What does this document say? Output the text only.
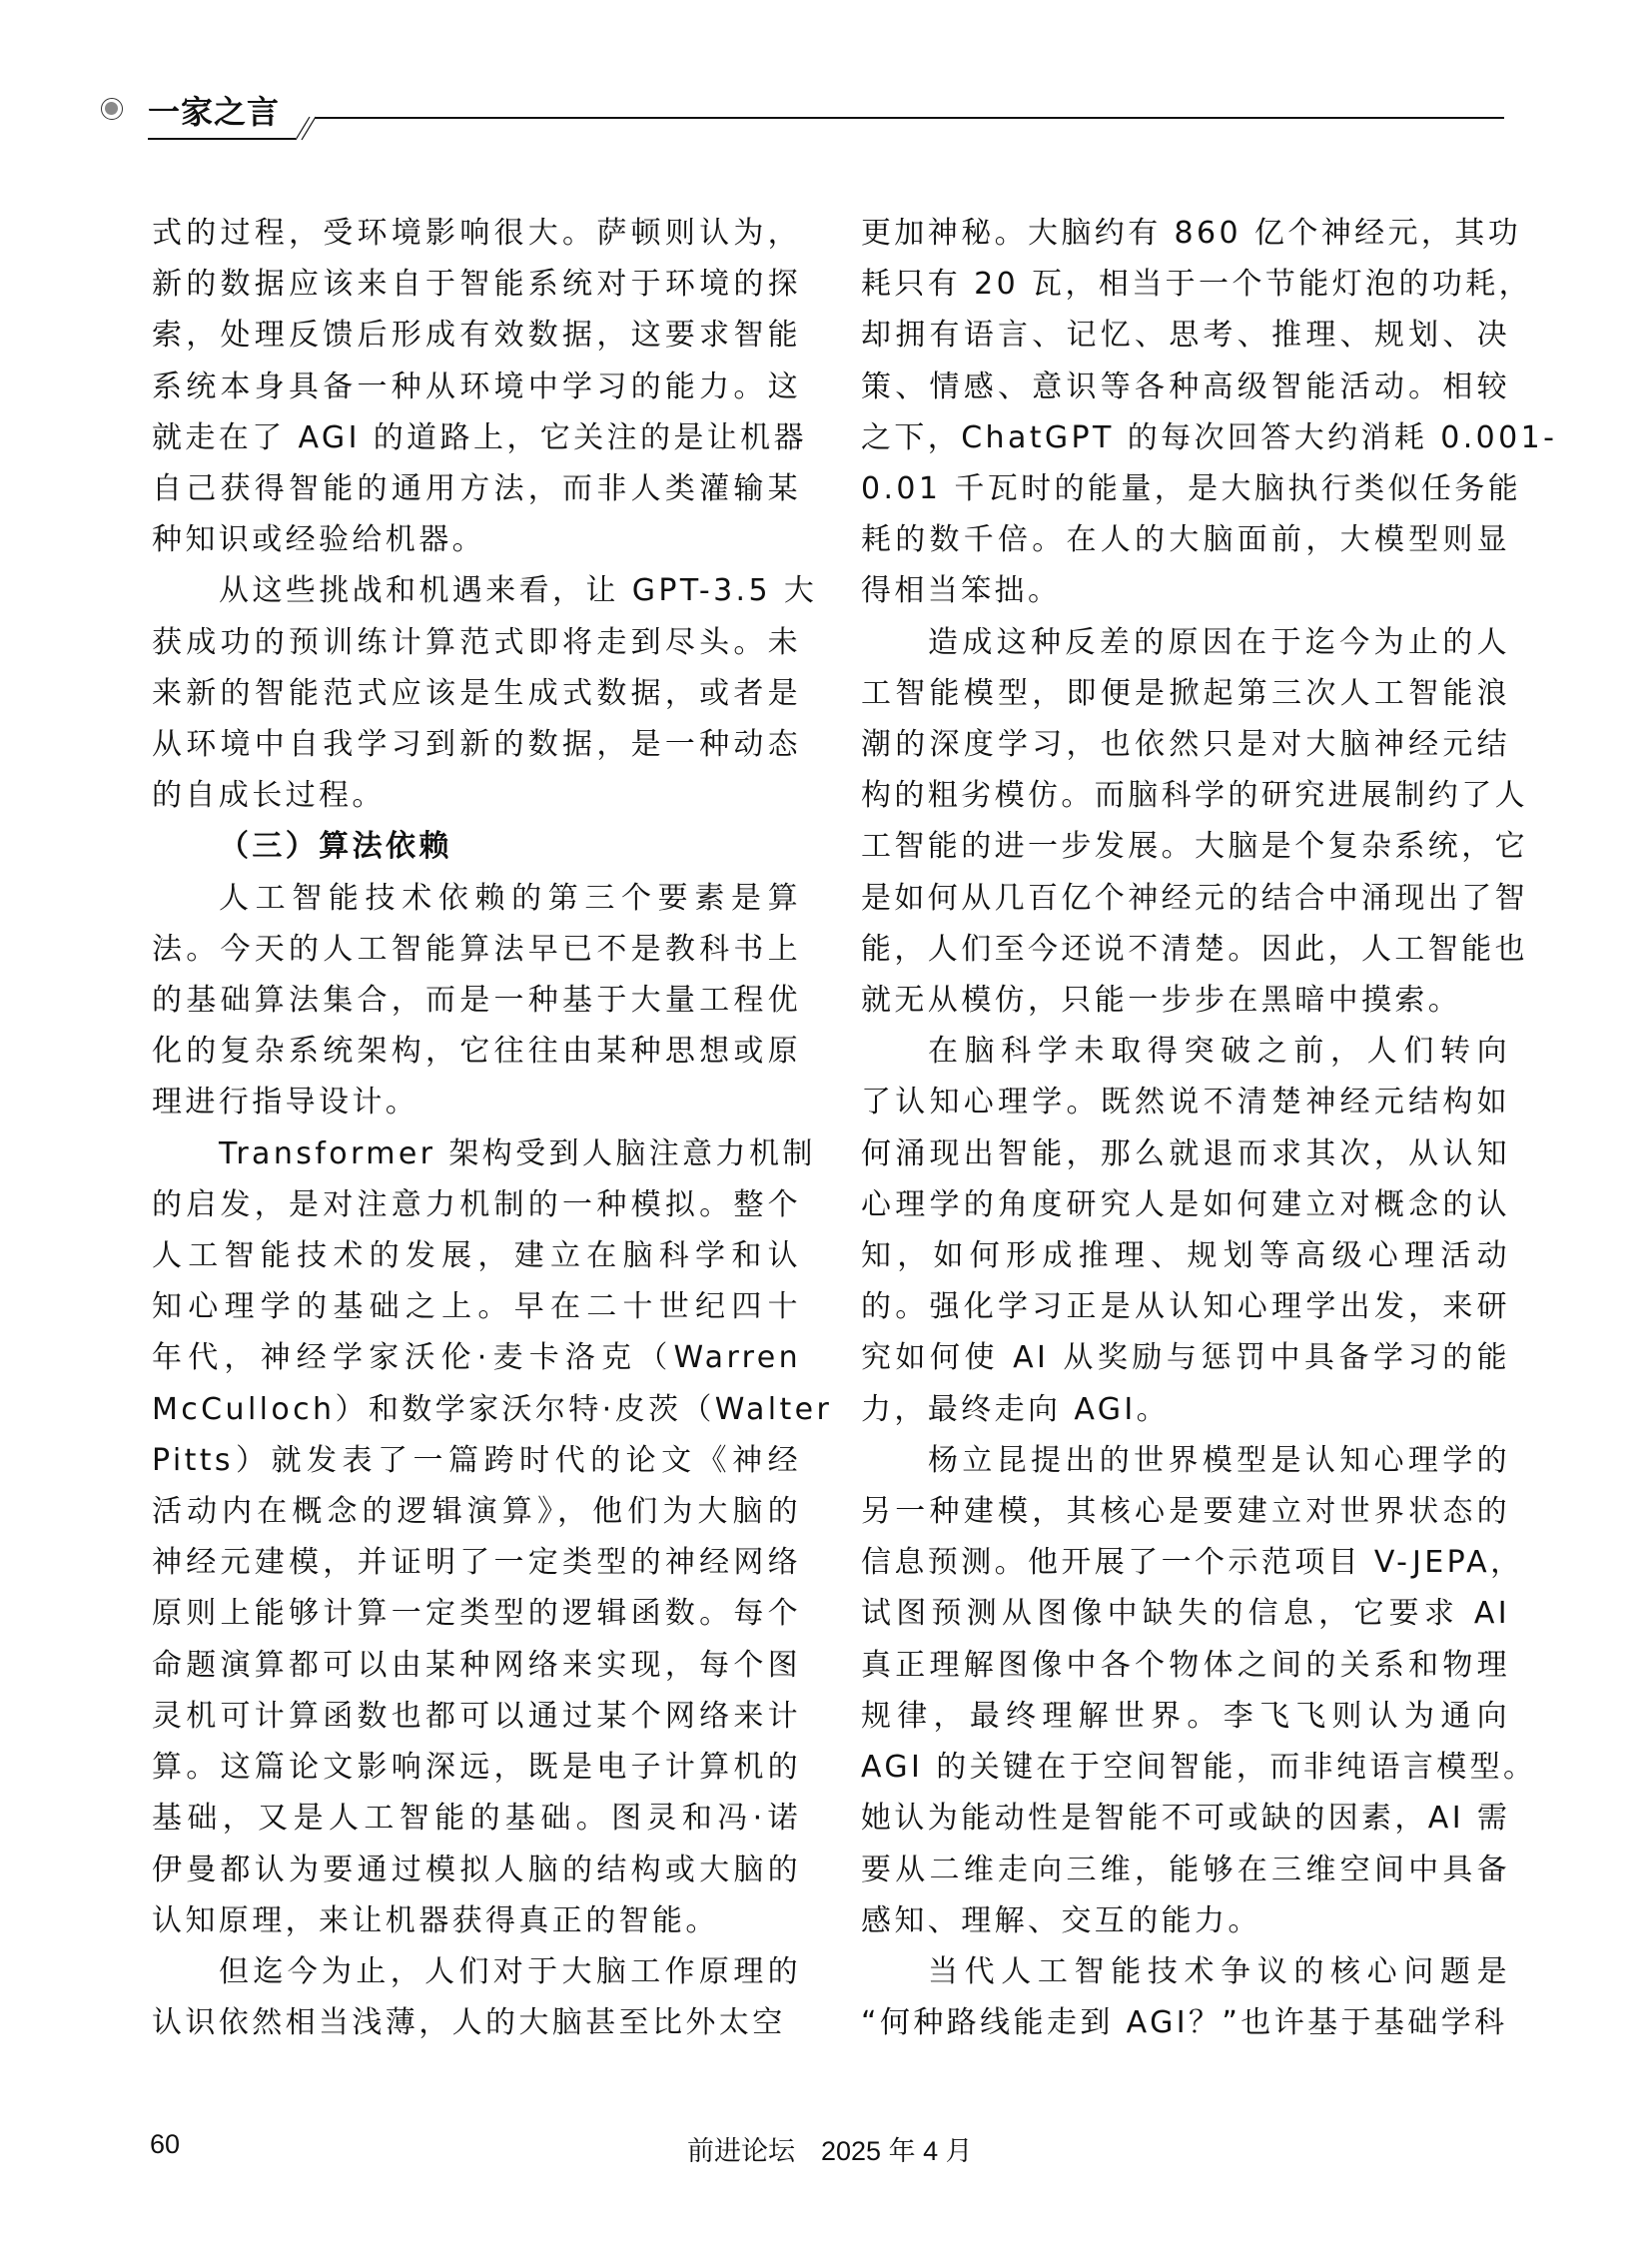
一家之言
式的过程，受环境影响很大。萨顿则认为，
新的数据应该来自于智能系统对于环境的探
索，处理反馈后形成有效数据，这要求智能
系统本身具备一种从环境中学习的能力。这
就走在了 AGI 的道路上，它关注的是让机器
自己获得智能的通用方法，而非人类灌输某
种知识或经验给机器。
从这些挑战和机遇来看，让 GPT-3.5 大
获成功的预训练计算范式即将走到尽头。未
来新的智能范式应该是生成式数据，或者是
从环境中自我学习到新的数据，是一种动态
的自成长过程。
（三）算法依赖
人工智能技术依赖的第三个要素是算
法。今天的人工智能算法早已不是教科书上
的基础算法集合，而是一种基于大量工程优
化的复杂系统架构，它往往由某种思想或原
理进行指导设计。
Transformer 架构受到人脑注意力机制
的启发，是对注意力机制的一种模拟。整个
人工智能技术的发展，建立在脑科学和认
知心理学的基础之上。早在二十世纪四十
年代，神经学家沃伦·麦卡洛克（Warren
McCulloch）和数学家沃尔特·皮茨（Walter
Pitts）就发表了一篇跨时代的论文《神经
活动内在概念的逻辑演算》，他们为大脑的
神经元建模，并证明了一定类型的神经网络
原则上能够计算一定类型的逻辑函数。每个
命题演算都可以由某种网络来实现，每个图
灵机可计算函数也都可以通过某个网络来计
算。这篇论文影响深远，既是电子计算机的
基础，又是人工智能的基础。图灵和冯·诺
伊曼都认为要通过模拟人脑的结构或大脑的
认知原理，来让机器获得真正的智能。
但迄今为止，人们对于大脑工作原理的
认识依然相当浅薄，人的大脑甚至比外太空
更加神秘。大脑约有 860 亿个神经元，其功
耗只有 20 瓦，相当于一个节能灯泡的功耗，
却拥有语言、记忆、思考、推理、规划、决
策、情感、意识等各种高级智能活动。相较
之下，ChatGPT 的每次回答大约消耗 0.001-
0.01 千瓦时的能量，是大脑执行类似任务能
耗的数千倍。在人的大脑面前，大模型则显
得相当笨拙。
造成这种反差的原因在于迄今为止的人
工智能模型，即便是掀起第三次人工智能浪
潮的深度学习，也依然只是对大脑神经元结
构的粗劣模仿。而脑科学的研究进展制约了人
工智能的进一步发展。大脑是个复杂系统，它
是如何从几百亿个神经元的结合中涌现出了智
能，人们至今还说不清楚。因此，人工智能也
就无从模仿，只能一步步在黑暗中摸索。
在脑科学未取得突破之前，人们转向
了认知心理学。既然说不清楚神经元结构如
何涌现出智能，那么就退而求其次，从认知
心理学的角度研究人是如何建立对概念的认
知，如何形成推理、规划等高级心理活动
的。强化学习正是从认知心理学出发，来研
究如何使 AI 从奖励与惩罚中具备学习的能
力，最终走向 AGI。
杨立昆提出的世界模型是认知心理学的
另一种建模，其核心是要建立对世界状态的
信息预测。他开展了一个示范项目 V-JEPA，
试图预测从图像中缺失的信息，它要求 AI
真正理解图像中各个物体之间的关系和物理
规律，最终理解世界。李飞飞则认为通向
AGI 的关键在于空间智能，而非纯语言模型。
她认为能动性是智能不可或缺的因素，AI 需
要从二维走向三维，能够在三维空间中具备
感知、理解、交互的能力。
当代人工智能技术争议的核心问题是
“何种路线能走到 AGI？”也许基于基础学科
60	前进论坛 2025 年 4 月
